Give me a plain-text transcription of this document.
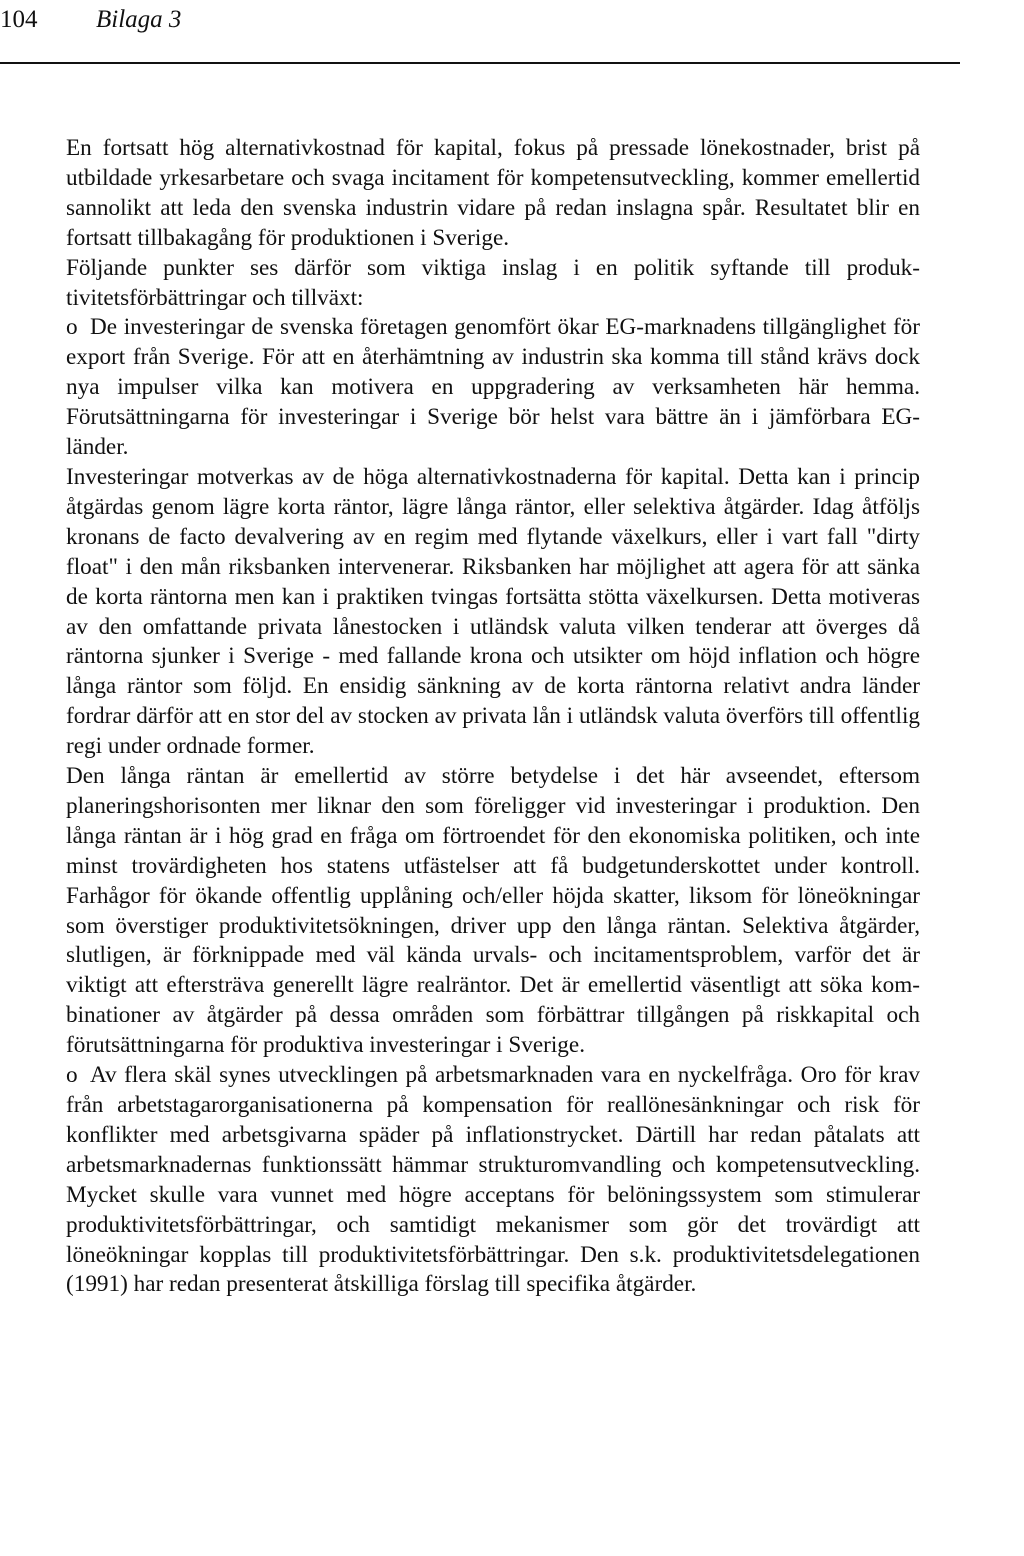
104 Bilaga 3

En fortsatt hög alternativkostnad för kapital, fokus på pressade lönekostnader, brist på utbildade yrkesarbetare och svaga incitament för kompetensutveckling, kommer emellertid sannolikt att leda den svenska industrin vidare på redan inslagna spår. Resultatet blir en fortsatt tillbakagång för produktionen i Sverige.

Följande punkter ses därför som viktiga inslag i en politik syftande till produktivitetsförbättringar och tillväxt:

o De investeringar de svenska företagen genomfört ökar EG-marknadens tillgänglighet för export från Sverige. För att en återhämtning av industrin ska komma till stånd krävs dock nya impulser vilka kan motivera en uppgradering av verksamheten här hemma. Förutsättningarna för investeringar i Sverige bör helst vara bättre än i jämförbara EG-länder.

Investeringar motverkas av de höga alternativkostnaderna för kapital. Detta kan i princip åtgärdas genom lägre korta räntor, lägre långa räntor, eller selektiva åtgärder. Idag åtföljs kronans de facto devalvering av en regim med flytande växelkurs, eller i vart fall "dirty float" i den mån riksbanken intervenerar. Riksbanken har möjlighet att agera för att sänka de korta räntorna men kan i praktiken tvingas fortsätta stötta växelkursen. Detta motiveras av den omfattande privata lånestocken i utländsk valuta vilken tenderar att överges då räntorna sjunker i Sverige - med fallande krona och utsikter om höjd inflation och högre långa räntor som följd. En ensidig sänkning av de korta räntorna relativt andra länder fordrar därför att en stor del av stocken av privata lån i utländsk valuta överförs till offentlig regi under ordnade former.

Den långa räntan är emellertid av större betydelse i det här avseendet, eftersom planeringshorisonten mer liknar den som föreligger vid investeringar i produktion. Den långa räntan är i hög grad en fråga om förtroendet för den ekonomiska politiken, och inte minst trovärdigheten hos statens utfästelser att få budgetunderskottet under kontroll. Farhågor för ökande offentlig upplåning och/eller höjda skatter, liksom för löneökningar som överstiger produktivitetsökningen, driver upp den långa räntan. Selektiva åtgärder, slutligen, är förknippade med väl kända urvals- och incitamentsproblem, varför det är viktigt att eftersträva generellt lägre realräntor. Det är emellertid väsentligt att söka kombinationer av åtgärder på dessa områden som förbättrar tillgången på riskkapital och förutsättningarna för produktiva investeringar i Sverige.

o Av flera skäl synes utvecklingen på arbetsmarknaden vara en nyckelfråga. Oro för krav från arbetstagarorganisationerna på kompensation för reallönesänkningar och risk för konflikter med arbetsgivarna späder på inflationstrycket. Därtill har redan påtalats att arbetsmarknadernas funktionssätt hämmar strukturomvandling och kompetensutveckling. Mycket skulle vara vunnet med högre acceptans för belöningssystem som stimulerar produktivitetsförbättringar, och samtidigt mekanismer som gör det trovärdigt att löneökningar kopplas till produktivitetsförbättringar. Den s.k. produktivitetsdelegationen (1991) har redan presenterat åtskilliga förslag till specifika åtgärder.
